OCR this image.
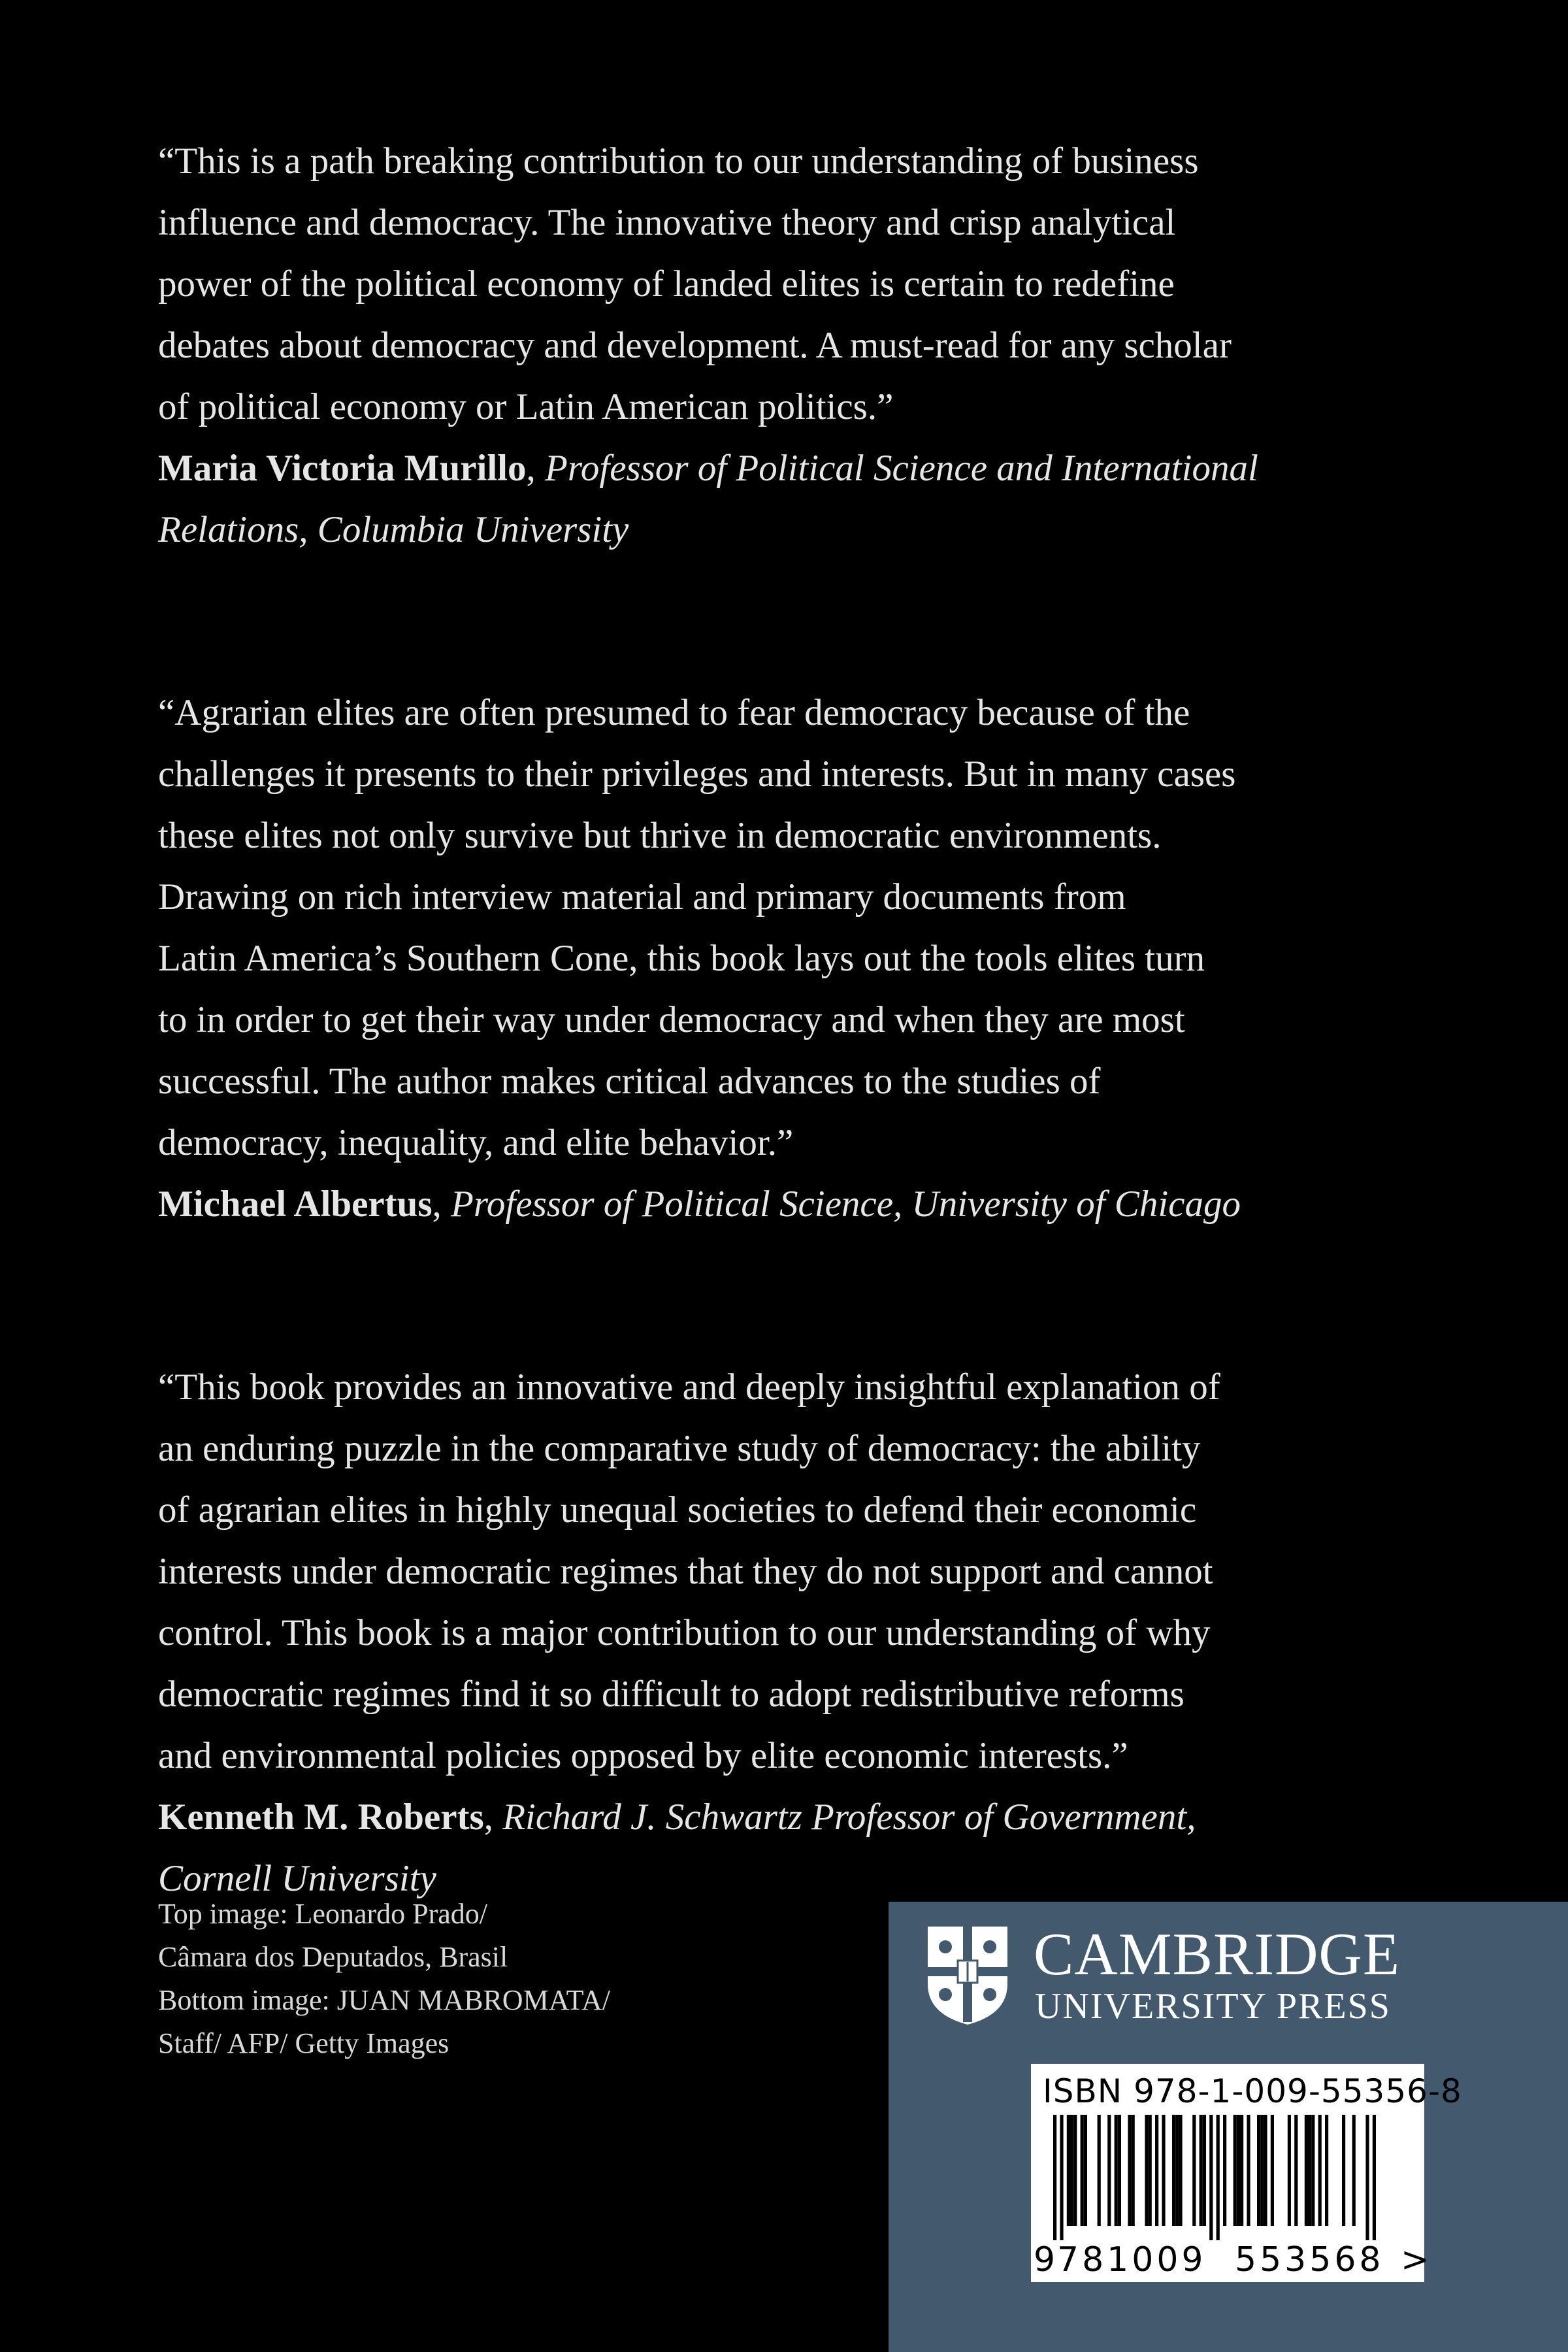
“This is a path breaking contribution to our understanding of business
influence and democracy. The innovative theory and crisp analytical
power of the political economy of landed elites is certain to redefine
debates about democracy and development. A must-read for any scholar
of political economy or Latin American politics.”
Maria Victoria Murillo, Professor of Political Science and International
Relations, Columbia University
“Agrarian elites are often presumed to fear democracy because of the
challenges it presents to their privileges and interests. But in many cases
these elites not only survive but thrive in democratic environments.
Drawing on rich interview material and primary documents from
Latin America’s Southern Cone, this book lays out the tools elites turn
to in order to get their way under democracy and when they are most
successful. The author makes critical advances to the studies of
democracy, inequality, and elite behavior.”
Michael Albertus, Professor of Political Science, University of Chicago
“This book provides an innovative and deeply insightful explanation of
an enduring puzzle in the comparative study of democracy: the ability
of agrarian elites in highly unequal societies to defend their economic
interests under democratic regimes that they do not support and cannot
control. This book is a major contribution to our understanding of why
democratic regimes find it so difficult to adopt redistributive reforms
and environmental policies opposed by elite economic interests.”
Kenneth M. Roberts, Richard J. Schwartz Professor of Government,
Cornell University
Top image: Leonardo Prado/
Câmara dos Deputados, Brasil
Bottom image: JUAN MABROMATA/
Staff/ AFP/ Getty Images
CAMBRIDGE
UNIVERSITY PRESS
ISBN 978-1-009-55356-8
9 781009 553568 >
